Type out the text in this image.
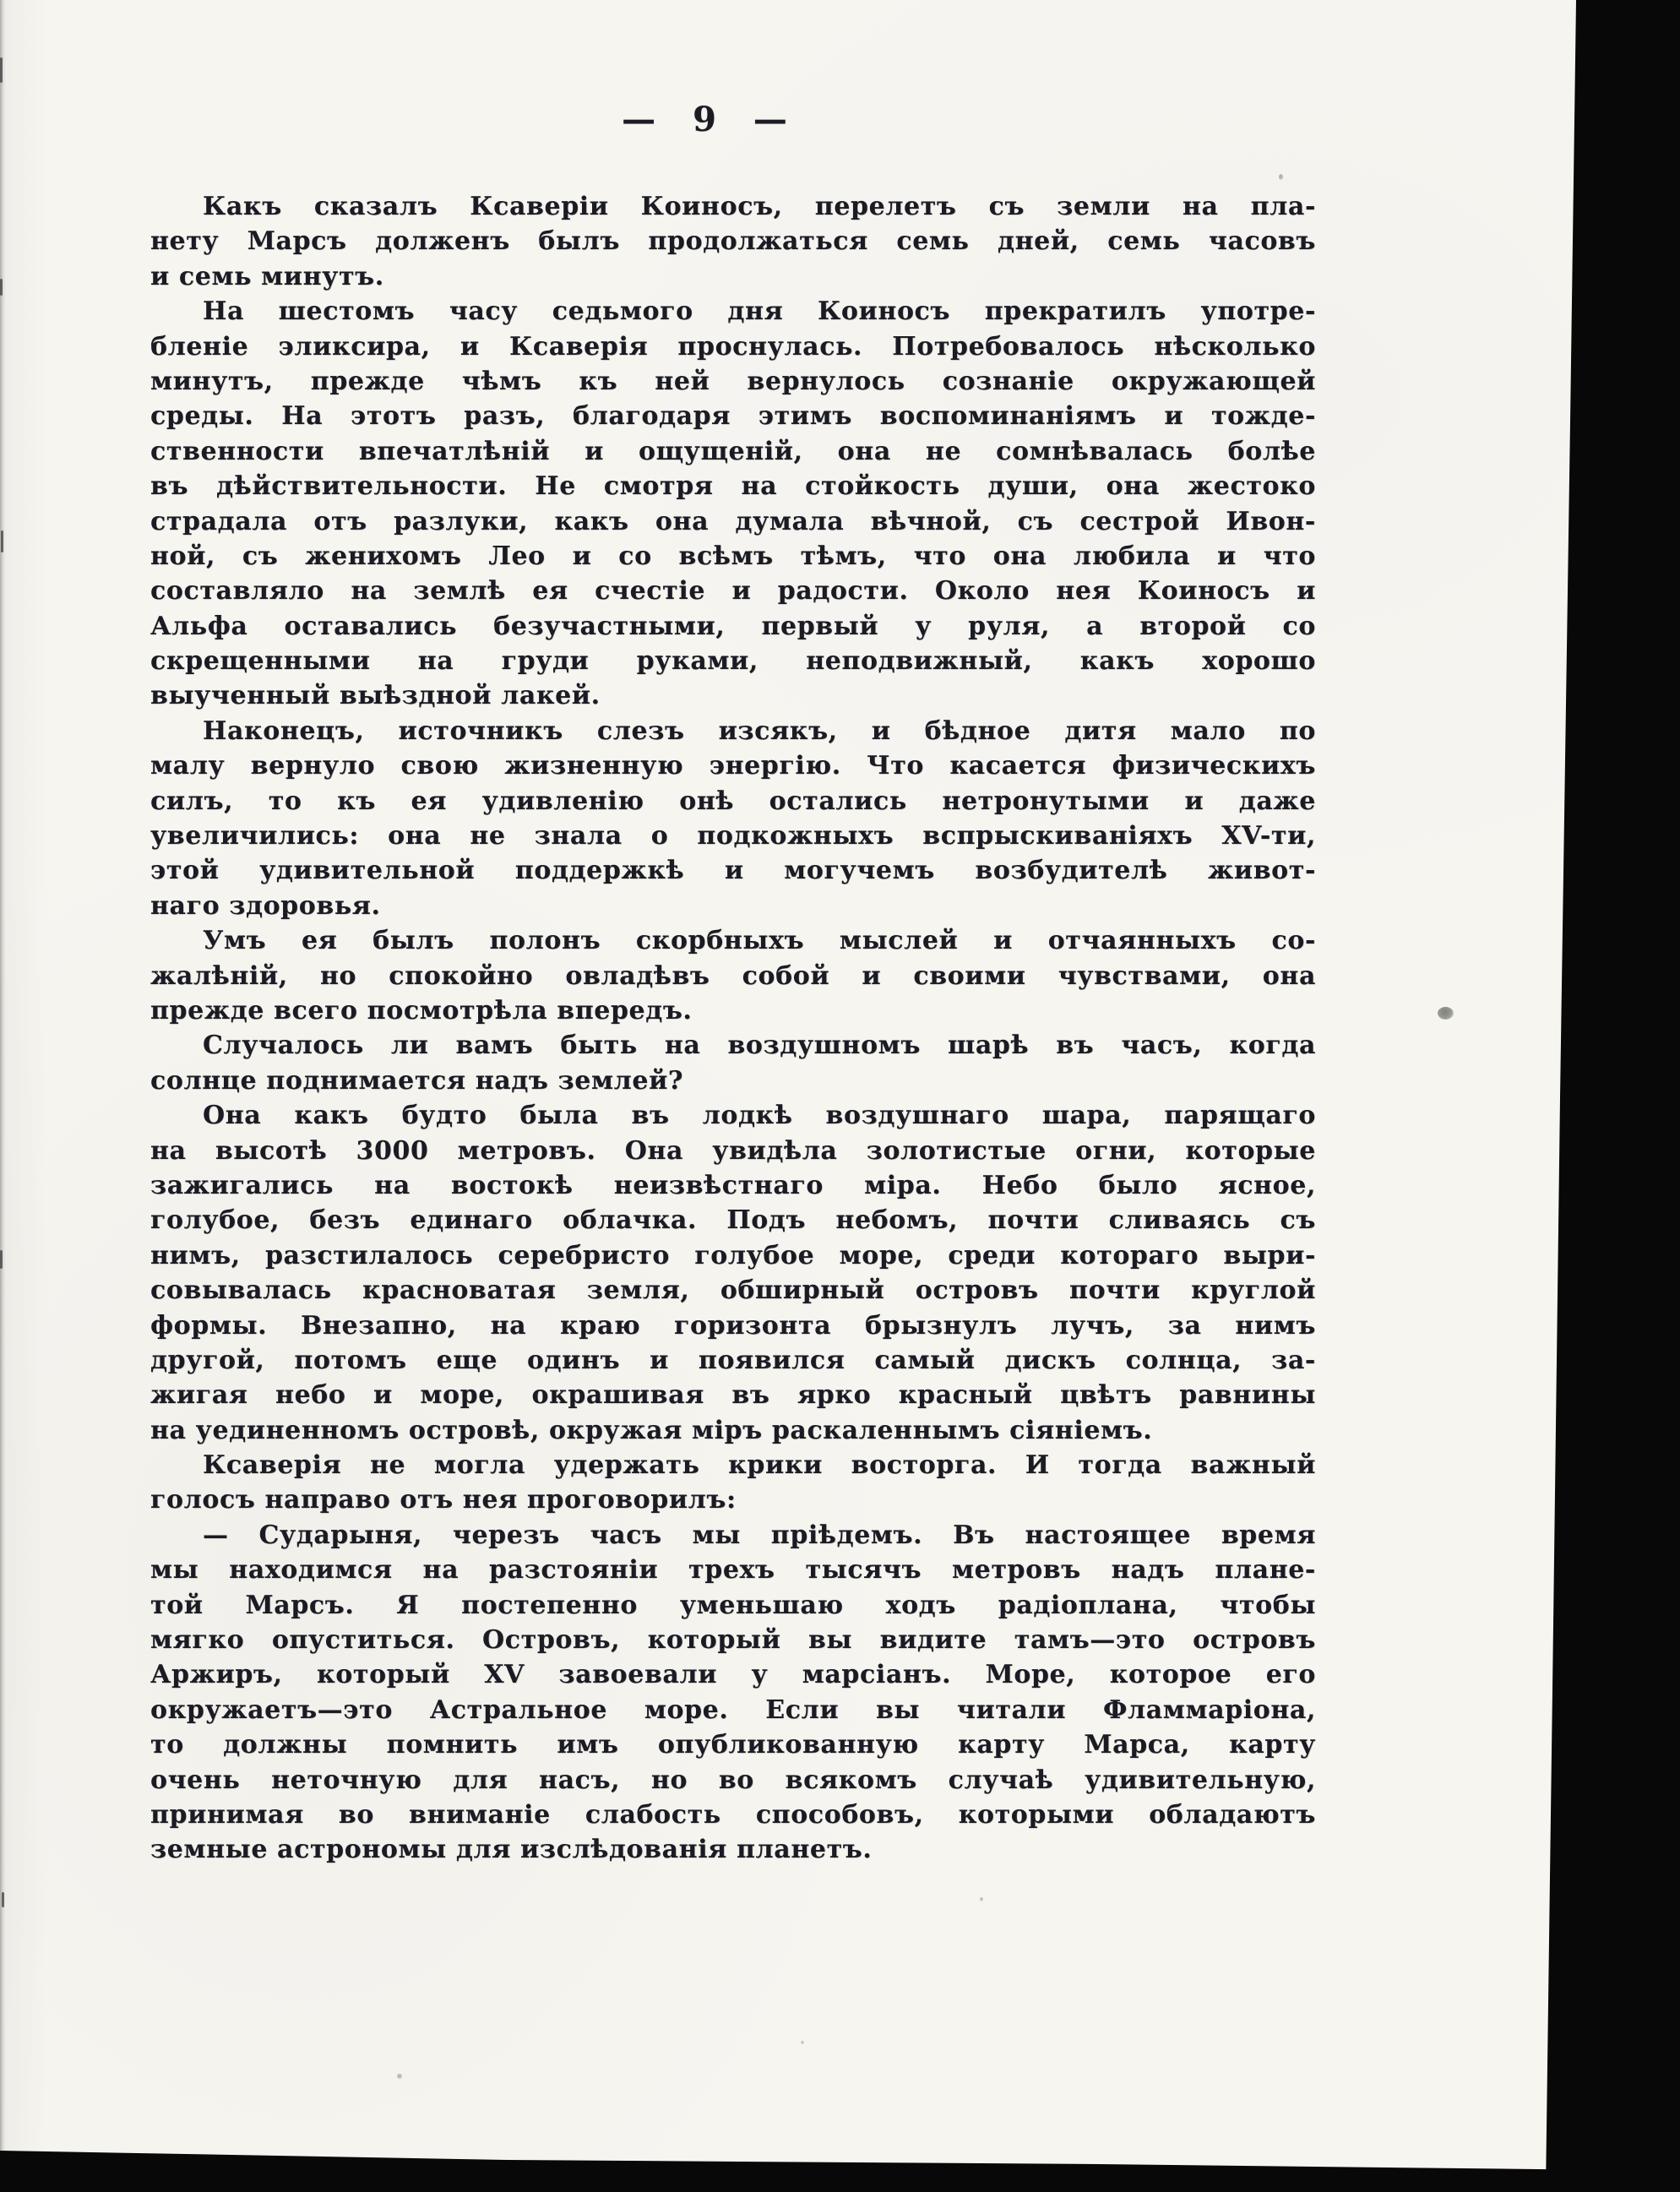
— 9 —
Какъ сказалъ Ксаверіи Коиносъ, перелетъ съ земли на пла-
нету Марсъ долженъ былъ продолжаться семь дней, семь часовъ
и семь минутъ.
На шестомъ часу седьмого дня Коиносъ прекратилъ употре-
бленіе эликсира, и Ксаверія проснулась. Потребовалось нѣсколько
минутъ, прежде чѣмъ къ ней вернулось сознаніе окружающей
среды. На этотъ разъ, благодаря этимъ воспоминаніямъ и тожде-
ственности впечатлѣній и ощущеній, она не сомнѣвалась болѣе
въ дѣйствительности. Не смотря на стойкость души, она жестоко
страдала отъ разлуки, какъ она думала вѣчной, съ сестрой Ивон-
ной, съ женихомъ Лео и со всѣмъ тѣмъ, что она любила и что
составляло на землѣ ея счестіе и радости. Около нея Коиносъ и
Альфа оставались безучастными, первый у руля, а второй со
скрещенными на груди руками, неподвижный, какъ хорошо
выученный выѣздной лакей.
Наконецъ, источникъ слезъ изсякъ, и бѣдное дитя мало по
малу вернуло свою жизненную энергію. Что касается физическихъ
силъ, то къ ея удивленію онѣ остались нетронутыми и даже
увеличились: она не знала о подкожныхъ вспрыскиваніяхъ XV-ти,
этой удивительной поддержкѣ и могучемъ возбудителѣ живот-
наго здоровья.
Умъ ея былъ полонъ скорбныхъ мыслей и отчаянныхъ со-
жалѣній, но спокойно овладѣвъ собой и своими чувствами, она
прежде всего посмотрѣла впередъ.
Случалось ли вамъ быть на воздушномъ шарѣ въ часъ, когда
солнце поднимается надъ землей?
Она какъ будто была въ лодкѣ воздушнаго шара, парящаго
на высотѣ 3000 метровъ. Она увидѣла золотистые огни, которые
зажигались на востокѣ неизвѣстнаго міра. Небо было ясное,
голубое, безъ единаго облачка. Подъ небомъ, почти сливаясь съ
нимъ, разстилалось серебристо голубое море, среди котораго выри-
совывалась красноватая земля, обширный островъ почти круглой
формы. Внезапно, на краю горизонта брызнулъ лучъ, за нимъ
другой, потомъ еще одинъ и появился самый дискъ солнца, за-
жигая небо и море, окрашивая въ ярко красный цвѣтъ равнины
на уединенномъ островѣ, окружая міръ раскаленнымъ сіяніемъ.
Ксаверія не могла удержать крики восторга. И тогда важный
голосъ направо отъ нея проговорилъ:
— Сударыня, черезъ часъ мы пріѣдемъ. Въ настоящее время
мы находимся на разстояніи трехъ тысячъ метровъ надъ плане-
той Марсъ. Я постепенно уменьшаю ходъ радіоплана, чтобы
мягко опуститься. Островъ, который вы видите тамъ—это островъ
Аржиръ, который XV завоевали у марсіанъ. Море, которое его
окружаетъ—это Астральное море. Если вы читали Фламмаріона,
то должны помнить имъ опубликованную карту Марса, карту
очень неточную для насъ, но во всякомъ случаѣ удивительную,
принимая во вниманіе слабость способовъ, которыми обладаютъ
земные астрономы для изслѣдованія планетъ.
